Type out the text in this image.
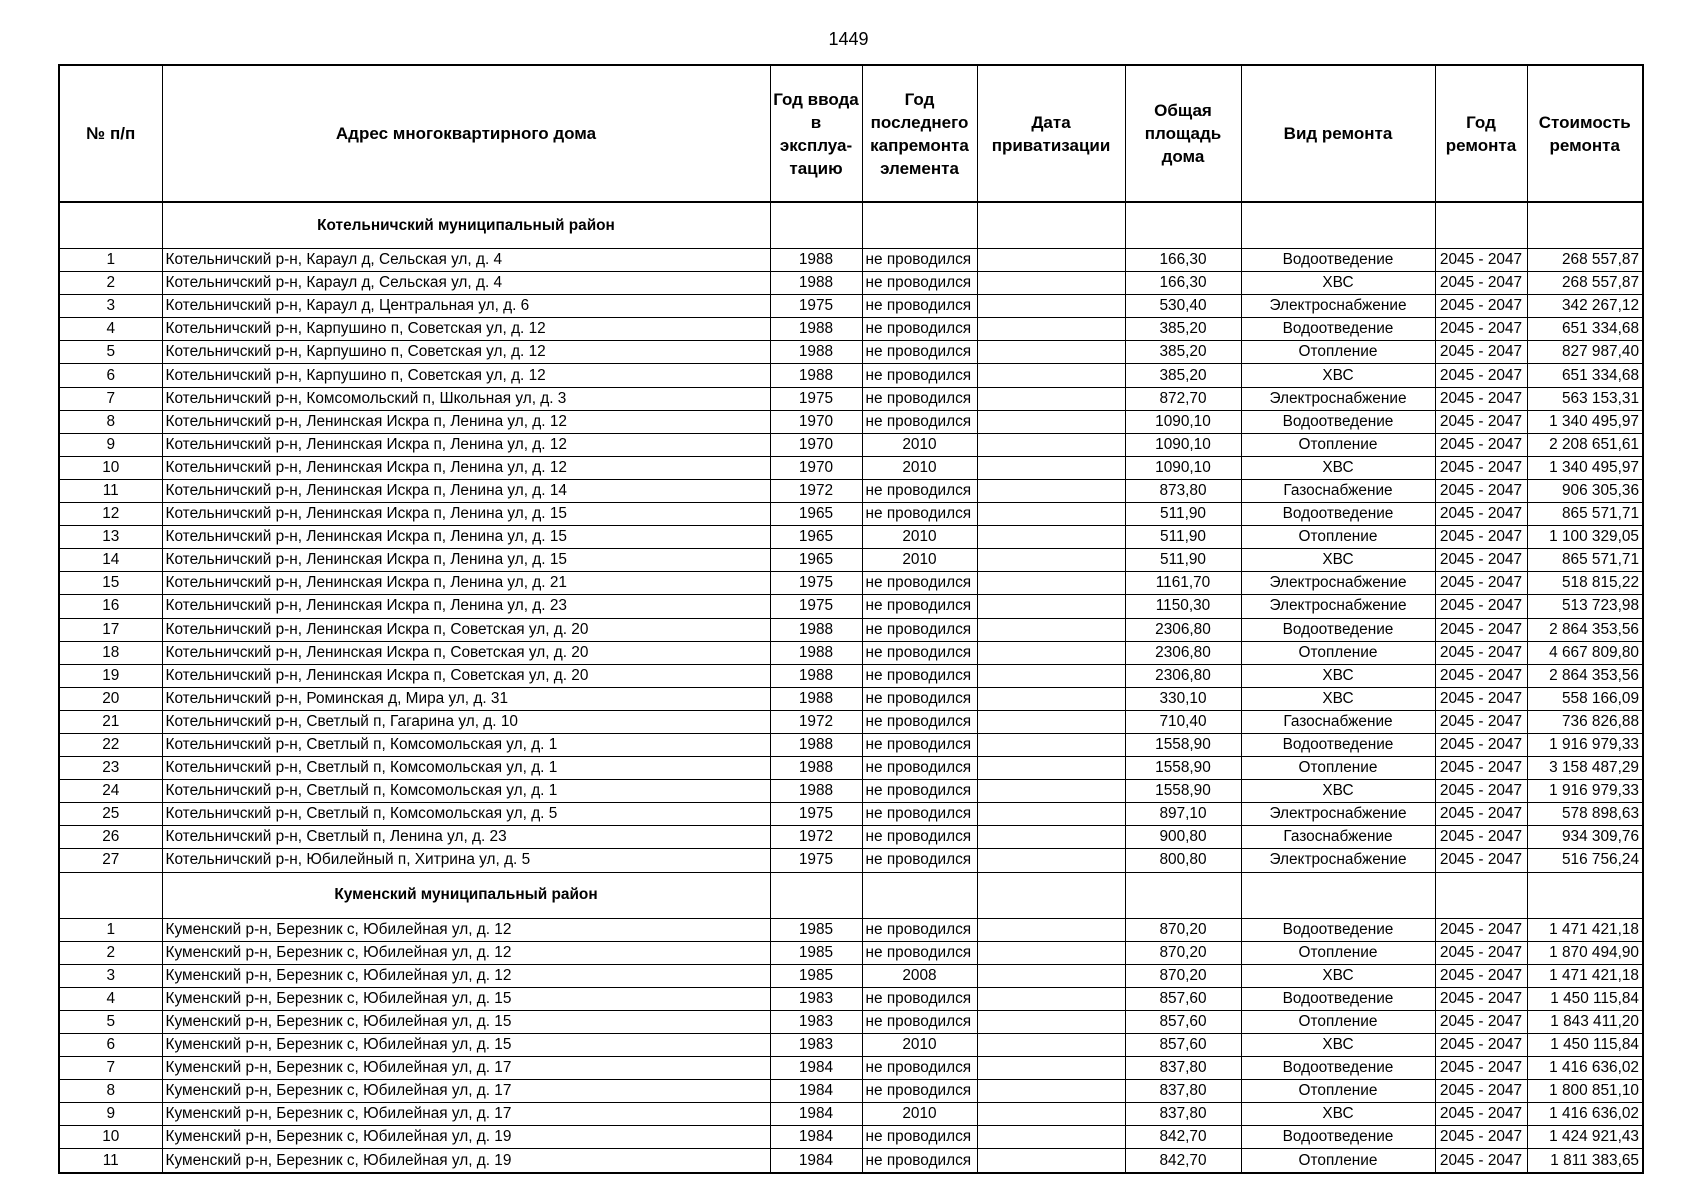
1449
№ п/п	Адрес многоквартирного дома	Год ввода в эксплуа-тацию	Год последнего капремонта элемента	Дата приватизации	Общая площадь дома	Вид ремонта	Год ремонта	Стоимость ремонта
	Котельничский муниципальный район							
1	Котельничский р-н, Караул д, Сельская ул, д. 4	1988	не проводился		166,30	Водоотведение	2045 - 2047	268 557,87
2	Котельничский р-н, Караул д, Сельская ул, д. 4	1988	не проводился		166,30	ХВС	2045 - 2047	268 557,87
3	Котельничский р-н, Караул д, Центральная ул, д. 6	1975	не проводился		530,40	Электроснабжение	2045 - 2047	342 267,12
4	Котельничский р-н, Карпушино п, Советская ул, д. 12	1988	не проводился		385,20	Водоотведение	2045 - 2047	651 334,68
5	Котельничский р-н, Карпушино п, Советская ул, д. 12	1988	не проводился		385,20	Отопление	2045 - 2047	827 987,40
6	Котельничский р-н, Карпушино п, Советская ул, д. 12	1988	не проводился		385,20	ХВС	2045 - 2047	651 334,68
7	Котельничский р-н, Комсомольский п, Школьная ул, д. 3	1975	не проводился		872,70	Электроснабжение	2045 - 2047	563 153,31
8	Котельничский р-н, Ленинская Искра п, Ленина ул, д. 12	1970	не проводился		1090,10	Водоотведение	2045 - 2047	1 340 495,97
9	Котельничский р-н, Ленинская Искра п, Ленина ул, д. 12	1970	2010		1090,10	Отопление	2045 - 2047	2 208 651,61
10	Котельничский р-н, Ленинская Искра п, Ленина ул, д. 12	1970	2010		1090,10	ХВС	2045 - 2047	1 340 495,97
11	Котельничский р-н, Ленинская Искра п, Ленина ул, д. 14	1972	не проводился		873,80	Газоснабжение	2045 - 2047	906 305,36
12	Котельничский р-н, Ленинская Искра п, Ленина ул, д. 15	1965	не проводился		511,90	Водоотведение	2045 - 2047	865 571,71
13	Котельничский р-н, Ленинская Искра п, Ленина ул, д. 15	1965	2010		511,90	Отопление	2045 - 2047	1 100 329,05
14	Котельничский р-н, Ленинская Искра п, Ленина ул, д. 15	1965	2010		511,90	ХВС	2045 - 2047	865 571,71
15	Котельничский р-н, Ленинская Искра п, Ленина ул, д. 21	1975	не проводился		1161,70	Электроснабжение	2045 - 2047	518 815,22
16	Котельничский р-н, Ленинская Искра п, Ленина ул, д. 23	1975	не проводился		1150,30	Электроснабжение	2045 - 2047	513 723,98
17	Котельничский р-н, Ленинская Искра п, Советская ул, д. 20	1988	не проводился		2306,80	Водоотведение	2045 - 2047	2 864 353,56
18	Котельничский р-н, Ленинская Искра п, Советская ул, д. 20	1988	не проводился		2306,80	Отопление	2045 - 2047	4 667 809,80
19	Котельничский р-н, Ленинская Искра п, Советская ул, д. 20	1988	не проводился		2306,80	ХВС	2045 - 2047	2 864 353,56
20	Котельничский р-н, Роминская д, Мира ул, д. 31	1988	не проводился		330,10	ХВС	2045 - 2047	558 166,09
21	Котельничский р-н, Светлый п, Гагарина ул, д. 10	1972	не проводился		710,40	Газоснабжение	2045 - 2047	736 826,88
22	Котельничский р-н, Светлый п, Комсомольская ул, д. 1	1988	не проводился		1558,90	Водоотведение	2045 - 2047	1 916 979,33
23	Котельничский р-н, Светлый п, Комсомольская ул, д. 1	1988	не проводился		1558,90	Отопление	2045 - 2047	3 158 487,29
24	Котельничский р-н, Светлый п, Комсомольская ул, д. 1	1988	не проводился		1558,90	ХВС	2045 - 2047	1 916 979,33
25	Котельничский р-н, Светлый п, Комсомольская ул, д. 5	1975	не проводился		897,10	Электроснабжение	2045 - 2047	578 898,63
26	Котельничский р-н, Светлый п, Ленина ул, д. 23	1972	не проводился		900,80	Газоснабжение	2045 - 2047	934 309,76
27	Котельничский р-н, Юбилейный п, Хитрина ул, д. 5	1975	не проводился		800,80	Электроснабжение	2045 - 2047	516 756,24
	Куменский муниципальный район							
1	Куменский р-н, Березник с, Юбилейная ул, д. 12	1985	не проводился		870,20	Водоотведение	2045 - 2047	1 471 421,18
2	Куменский р-н, Березник с, Юбилейная ул, д. 12	1985	не проводился		870,20	Отопление	2045 - 2047	1 870 494,90
3	Куменский р-н, Березник с, Юбилейная ул, д. 12	1985	2008		870,20	ХВС	2045 - 2047	1 471 421,18
4	Куменский р-н, Березник с, Юбилейная ул, д. 15	1983	не проводился		857,60	Водоотведение	2045 - 2047	1 450 115,84
5	Куменский р-н, Березник с, Юбилейная ул, д. 15	1983	не проводился		857,60	Отопление	2045 - 2047	1 843 411,20
6	Куменский р-н, Березник с, Юбилейная ул, д. 15	1983	2010		857,60	ХВС	2045 - 2047	1 450 115,84
7	Куменский р-н, Березник с, Юбилейная ул, д. 17	1984	не проводился		837,80	Водоотведение	2045 - 2047	1 416 636,02
8	Куменский р-н, Березник с, Юбилейная ул, д. 17	1984	не проводился		837,80	Отопление	2045 - 2047	1 800 851,10
9	Куменский р-н, Березник с, Юбилейная ул, д. 17	1984	2010		837,80	ХВС	2045 - 2047	1 416 636,02
10	Куменский р-н, Березник с, Юбилейная ул, д. 19	1984	не проводился		842,70	Водоотведение	2045 - 2047	1 424 921,43
11	Куменский р-н, Березник с, Юбилейная ул, д. 19	1984	не проводился		842,70	Отопление	2045 - 2047	1 811 383,65
